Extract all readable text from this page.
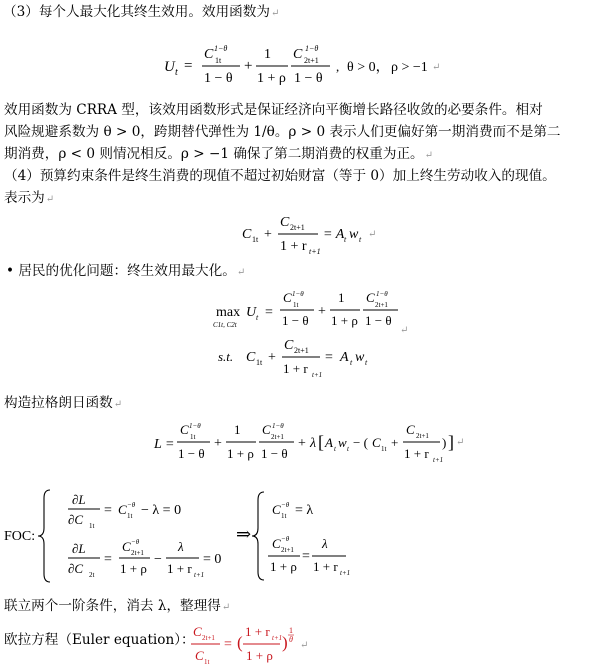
（3）每个人最大化其终生效用。效用函数为↵
U t =
C 1−θ
1t
1 − θ
+
1
1 + ρ
C 1−θ
2t+1
1 − θ
, θ > 0， ρ > −1 ↵
效用函数为 CRRA 型，该效用函数形式是保证经济向平衡增长路径收敛的必要条件。相对
风险规避系数为 θ > 0，跨期替代弹性为 1/θ。ρ > 0 表示人们更偏好第一期消费而不是第二
期消费，ρ < 0 则情况相反。ρ > −1 确保了第二期消费的权重为正。↵
（4）预算约束条件是终生消费的现值不超过初始财富（等于 0）加上终生劳动收入的现值。
表示为↵
C 1t +
C 2t+1
1 + r t+1
= A t w t ↵
• 居民的优化问题：终生效用最大化。↵
max
C1t, C2t
U t =
C 1−θ
1t
1 − θ
+
1
1 + ρ
C 1−θ
2t+1
1 − θ
↵
s.t. C 1t +
C 2t+1
1 + r t+1
= A t w t
构造拉格朗日函数↵
L =
C 1−θ
1t
1 − θ
+
1
1 + ρ
C 1−θ
2t+1
1 − θ
+ λ [ A t w t − ( C 1t +
C 2t+1
1 + r t+1
) ] ↵
FOC:
∂L
∂C 1t
= C −θ
1t − λ = 0
∂L
∂C 2t
=
C −θ
2t+1
1 + ρ
−
λ
1 + r t+1
= 0
⇒
C −θ
1t = λ
C −θ
2t+1
1 + ρ
=
λ
1 + r t+1
联立两个一阶条件，消去 λ，整理得↵
欧拉方程（Euler equation）：
C 2t+1
C 1t
= (
1 + r t+1
1 + ρ
)
1
θ
↵
